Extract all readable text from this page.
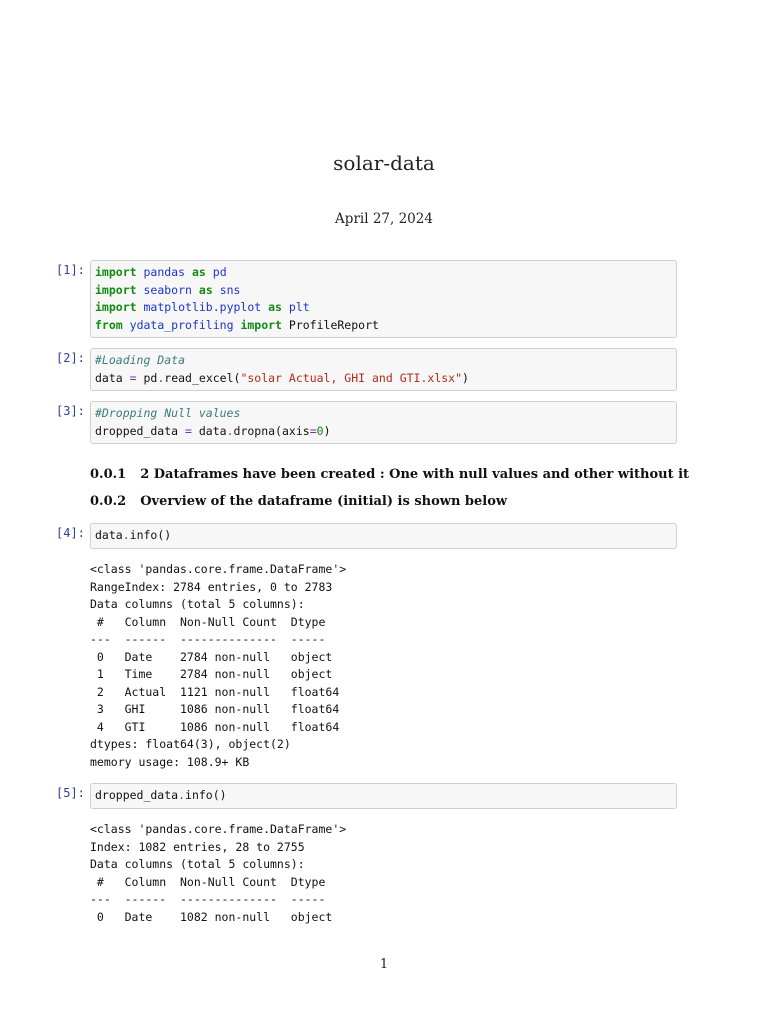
solar-data
April 27, 2024
[1]: import pandas as pd
import seaborn as sns
import matplotlib.pyplot as plt
from ydata_profiling import ProfileReport
[2]: #Loading Data
data = pd.read_excel("solar Actual, GHI and GTI.xlsx")
[3]: #Dropping Null values
dropped_data = data.dropna(axis=0)
0.0.1 2 Dataframes have been created : One with null values and other without it
0.0.2 Overview of the dataframe (initial) is shown below
[4]: data.info()
<class 'pandas.core.frame.DataFrame'>
RangeIndex: 2784 entries, 0 to 2783
Data columns (total 5 columns):
#   Column  Non-Null Count  Dtype
---  ------  --------------  -----
0   Date    2784 non-null   object
1   Time    2784 non-null   object
2   Actual  1121 non-null   float64
3   GHI     1086 non-null   float64
4   GTI     1086 non-null   float64
dtypes: float64(3), object(2)
memory usage: 108.9+ KB
[5]: dropped_data.info()
<class 'pandas.core.frame.DataFrame'>
Index: 1082 entries, 28 to 2755
Data columns (total 5 columns):
#   Column  Non-Null Count  Dtype
---  ------  --------------  -----
0   Date    1082 non-null   object
1
